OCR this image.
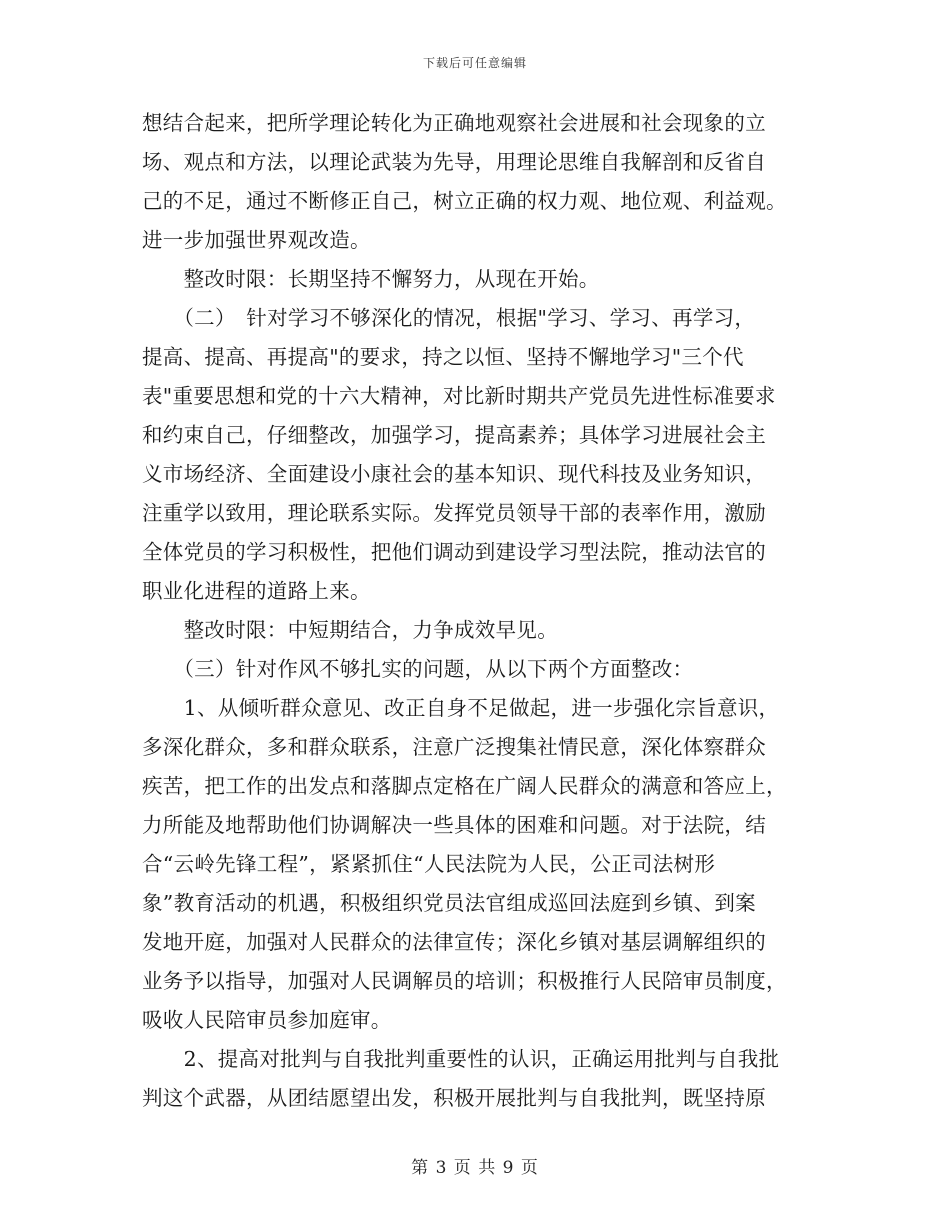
下载后可任意编辑
想结合起来，把所学理论转化为正确地观察社会进展和社会现象的立
场、观点和方法，以理论武装为先导，用理论思维自我解剖和反省自
己的不足，通过不断修正自己，树立正确的权力观、地位观、利益观。
进一步加强世界观改造。
　　整改时限：长期坚持不懈努力，从现在开始。
　　（二）　针对学习不够深化的情况，根据"学习、学习、再学习，
提高、提高、再提高"的要求，持之以恒、坚持不懈地学习"三个代
表"重要思想和党的十六大精神，对比新时期共产党员先进性标准要求
和约束自己，仔细整改，加强学习，提高素养；具体学习进展社会主
义市场经济、全面建设小康社会的基本知识、现代科技及业务知识，
注重学以致用，理论联系实际。发挥党员领导干部的表率作用，激励
全体党员的学习积极性，把他们调动到建设学习型法院，推动法官的
职业化进程的道路上来。
　　整改时限：中短期结合，力争成效早见。
　　（三）针对作风不够扎实的问题，从以下两个方面整改：
　　1、从倾听群众意见、改正自身不足做起，进一步强化宗旨意识，
多深化群众，多和群众联系，注意广泛搜集社情民意，深化体察群众
疾苦，把工作的出发点和落脚点定格在广阔人民群众的满意和答应上，
力所能及地帮助他们协调解决一些具体的困难和问题。对于法院，结
合“云岭先锋工程”，紧紧抓住“人民法院为人民，公正司法树形
象”教育活动的机遇，积极组织党员法官组成巡回法庭到乡镇、到案
发地开庭，加强对人民群众的法律宣传；深化乡镇对基层调解组织的
业务予以指导，加强对人民调解员的培训；积极推行人民陪审员制度，
吸收人民陪审员参加庭审。
　　2、提高对批判与自我批判重要性的认识，正确运用批判与自我批
判这个武器，从团结愿望出发，积极开展批判与自我批判，既坚持原
第 3 页 共 9 页
